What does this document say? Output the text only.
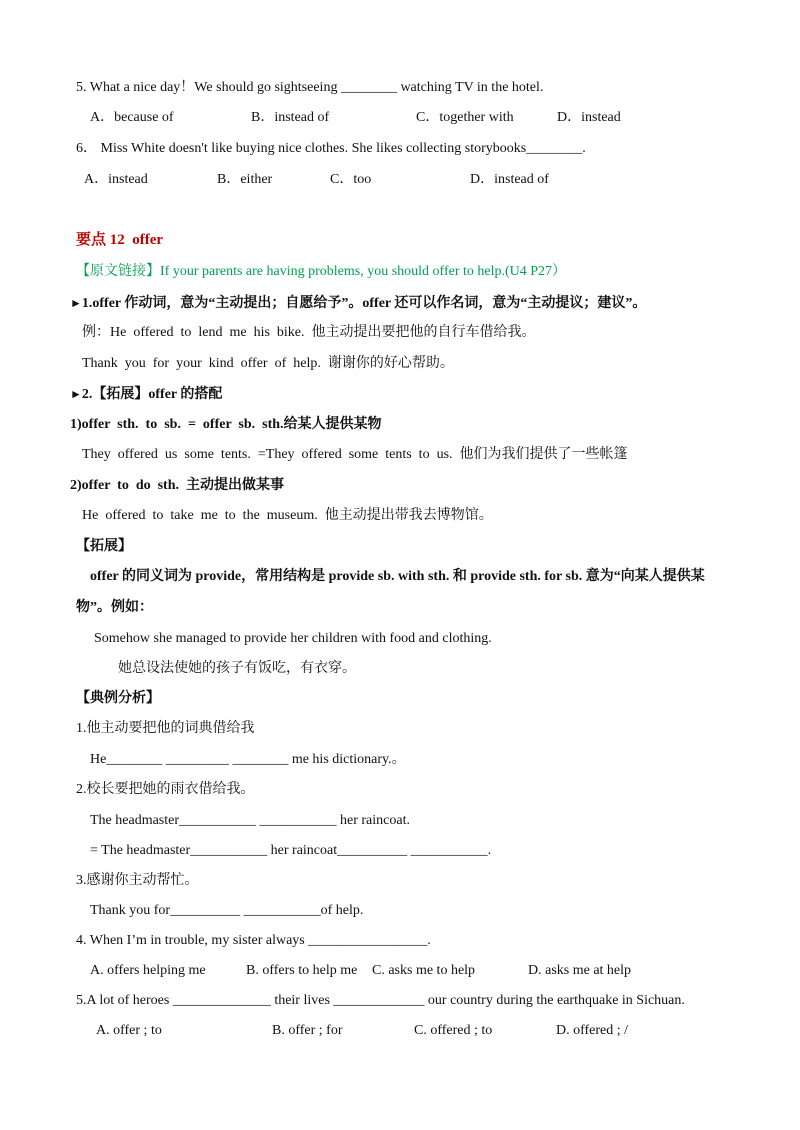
5. What a nice day！We should go sightseeing ________ watching TV in the hotel.
A．because of	B．instead of	C．together with	D．instead
6． Miss White doesn't like buying nice clothes. She likes collecting storybooks________.
A．instead	B．either	C．too	D．instead of
要点 12  offer
【原文链接】If your parents are having problems, you should offer to help.(U4 P27）
►1.offer 作动词，意为“主动提出；自愿给予”。offer 还可以作名词，意为“主动提议；建议”。
例：He  offered  to  lend  me  his  bike.  他主动提出要把他的自行车借给我。
Thank  you  for  your  kind  offer  of  help.  谢谢你的好心帮助。
►2.【拓展】offer 的搭配
1)offer  sth.  to  sb.  =  offer  sb.  sth.给某人提供某物
They  offered  us  some  tents.  =They  offered  some  tents  to  us.  他们为我们提供了一些帐篷
2)offer  to  do  sth.  主动提出做某事
He  offered  to  take  me  to  the  museum.  他主动提出带我去博物馆。
【拓展】
offer 的同义词为 provide，常用结构是 provide sb. with sth. 和 provide sth. for sb. 意为“向某人提供某
物”。例如：
Somehow she managed to provide her children with food and clothing.
她总设法使她的孩子有饭吃，有衣穿。
【典例分析】
1.他主动要把他的词典借给我
He________ _________ ________ me his dictionary.。
2.校长要把她的雨衣借给我。
The headmaster___________ ___________ her raincoat.
= The headmaster___________ her raincoat__________ ___________.
3.感谢你主动帮忙。
Thank you for__________ ___________of help.
4. When I’m in trouble, my sister always _________________.
A. offers helping me	B. offers to help me C. asks me to help	D. asks me at help
5.A lot of heroes ______________ their lives _____________ our country during the earthquake in Sichuan.
A. offer ; to	B. offer ; for	C. offered ; to	D. offered ; /
